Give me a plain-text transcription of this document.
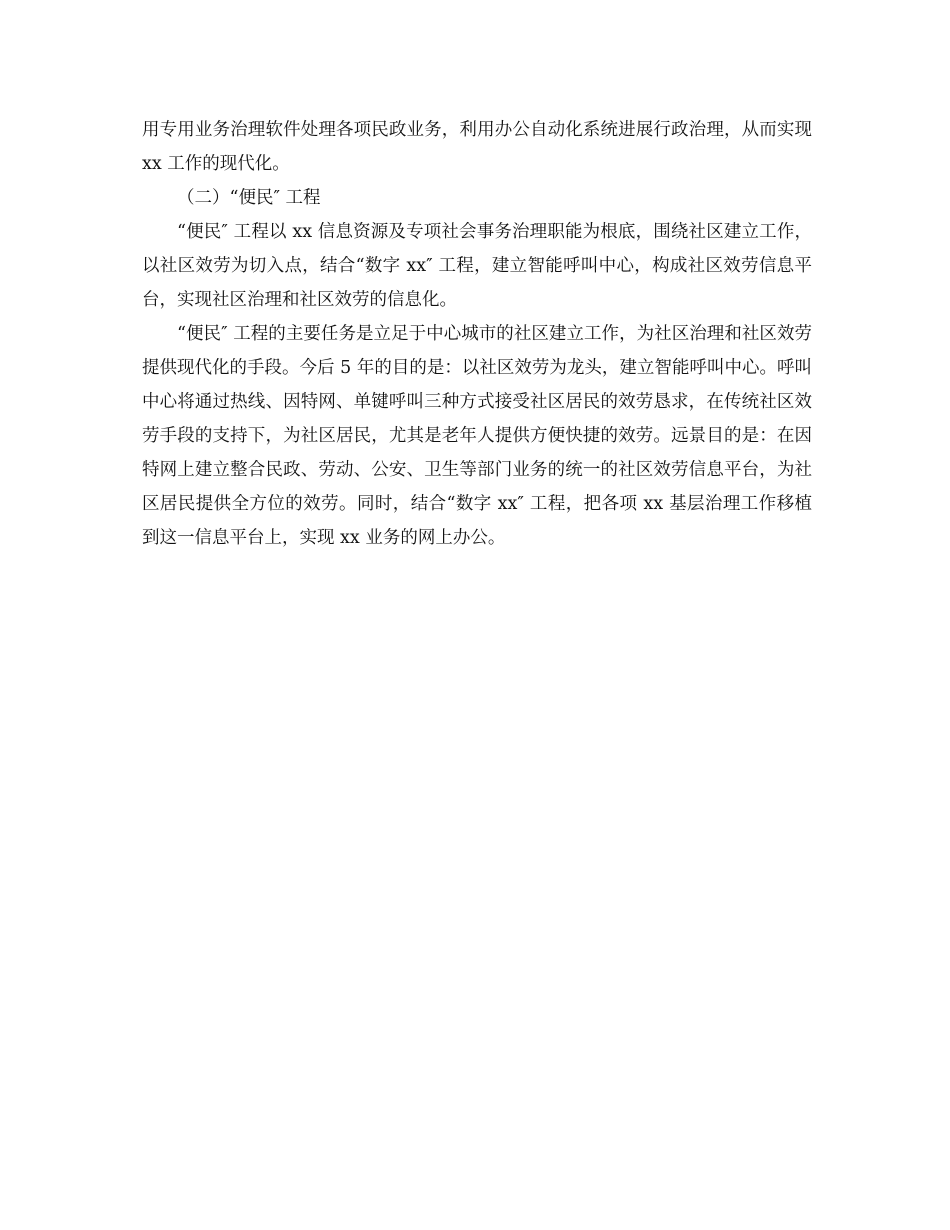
用专用业务治理软件处理各项民政业务，利用办公自动化系统进展行政治理，从而实现 xx 工作的现代化。

（二）“便民″ 工程

“便民″ 工程以 xx 信息资源及专项社会事务治理职能为根底，围绕社区建立工作，以社区效劳为切入点，结合“数字 xx″ 工程，建立智能呼叫中心，构成社区效劳信息平台，实现社区治理和社区效劳的信息化。

“便民″ 工程的主要任务是立足于中心城市的社区建立工作，为社区治理和社区效劳提供现代化的手段。今后 5 年的目的是：以社区效劳为龙头，建立智能呼叫中心。呼叫中心将通过热线、因特网、单键呼叫三种方式接受社区居民的效劳恳求，在传统社区效劳手段的支持下，为社区居民，尤其是老年人提供方便快捷的效劳。远景目的是：在因特网上建立整合民政、劳动、公安、卫生等部门业务的统一的社区效劳信息平台，为社区居民提供全方位的效劳。同时，结合“数字 xx″ 工程，把各项 xx 基层治理工作移植到这一信息平台上，实现 xx 业务的网上办公。
